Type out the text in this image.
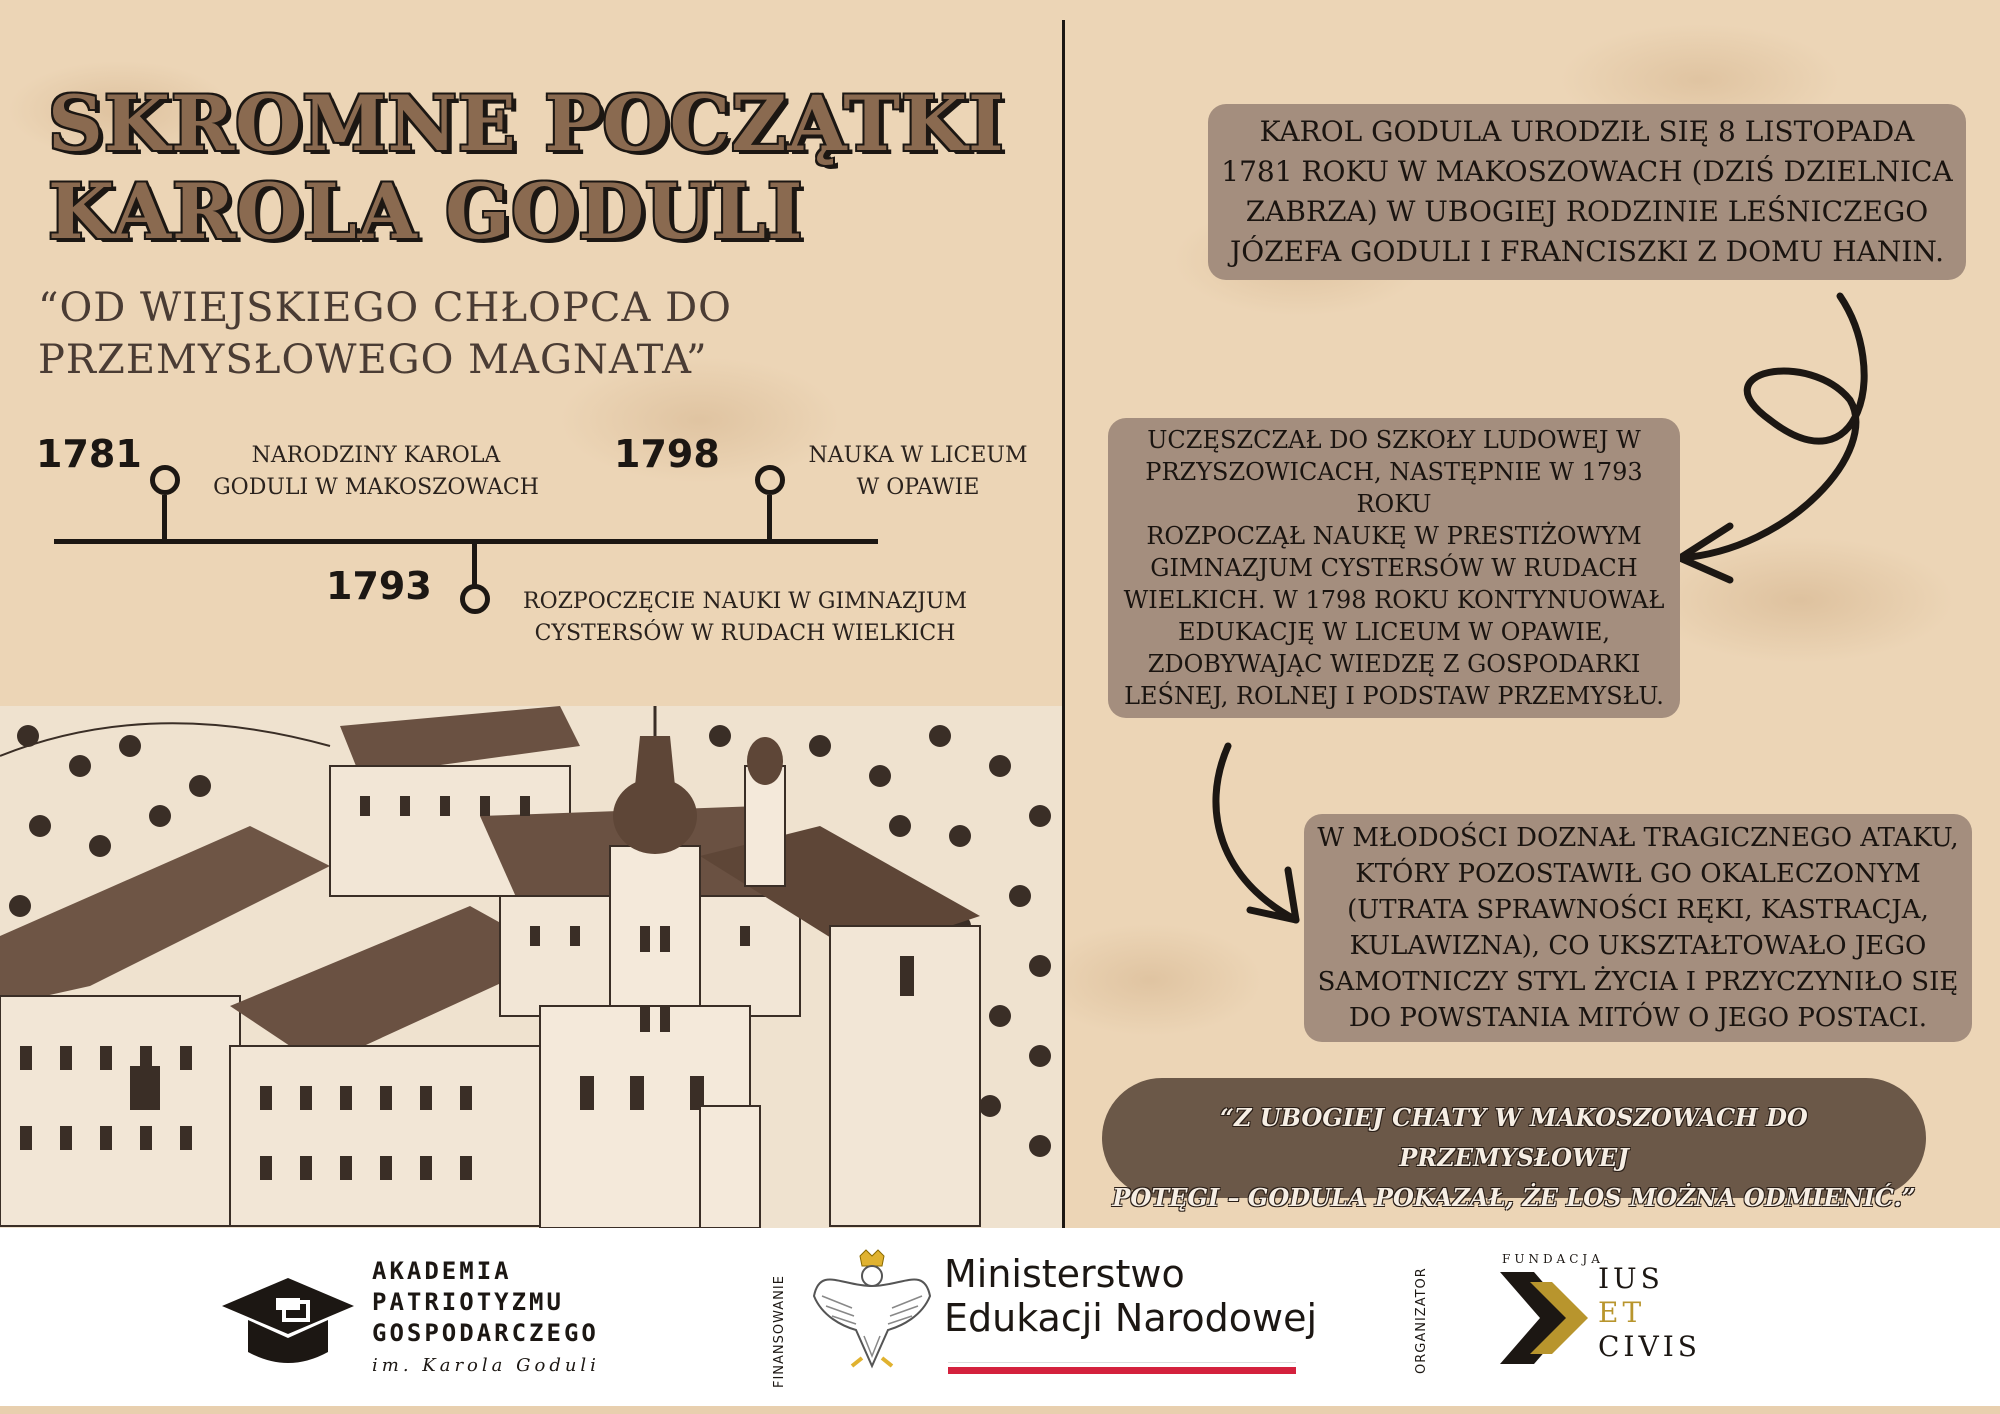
SKROMNE POCZĄTKI
KAROLA GODULI

“OD WIEJSKIEGO CHŁOPCA DO
PRZEMYSŁOWEGO MAGNATA”

1781	NARODZINY KAROLA
GODULI W MAKOSZOWACH
1798	NAUKA W LICEUM
W OPAWIE
1793	ROZPOCZĘCIE NAUKI W GIMNAZJUM
CYSTERSÓW W RUDACH WIELKICH
KAROL GODULA URODZIŁ SIĘ 8 LISTOPADA
1781 ROKU W MAKOSZOWACH (DZIŚ DZIELNICA
ZABRZA) W UBOGIEJ RODZINIE LEŚNICZEGO
JÓZEFA GODULI I FRANCISZKI Z DOMU HANIN.
UCZĘSZCZAŁ DO SZKOŁY LUDOWEJ W
PRZYSZOWICACH, NASTĘPNIE W 1793 ROKU
ROZPOCZĄŁ NAUKĘ W PRESTIŻOWYM
GIMNAZJUM CYSTERSÓW W RUDACH
WIELKICH. W 1798 ROKU KONTYNUOWAŁ
EDUKACJĘ W LICEUM W OPAWIE,
ZDOBYWAJĄC WIEDZĘ Z GOSPODARKI
LEŚNEJ, ROLNEJ I PODSTAW PRZEMYSŁU.
W MŁODOŚCI DOZNAŁ TRAGICZNEGO ATAKU,
KTÓRY POZOSTAWIŁ GO OKALECZONYM
(UTRATA SPRAWNOŚCI RĘKI, KASTRACJA,
KULAWIZNA), CO UKSZTAŁTOWAŁO JEGO
SAMOTNICZY STYL ŻYCIA I PRZYCZYNIŁO SIĘ
DO POWSTANIA MITÓW O JEGO POSTACI.
“Z UBOGIEJ CHATY W MAKOSZOWACH DO PRZEMYSŁOWEJ
POTĘGI – GODULA POKAZAŁ, ŻE LOS MOŻNA ODMIENIĆ.”
AKADEMIA
PATRIOTYZMU
GOSPODARCZEGO
im. Karola Goduli	FINANSOWANIE
Ministerstwo
Edukacji Narodowej	ORGANIZATOR
FUNDACJA
IUS
ET
CIVIS
